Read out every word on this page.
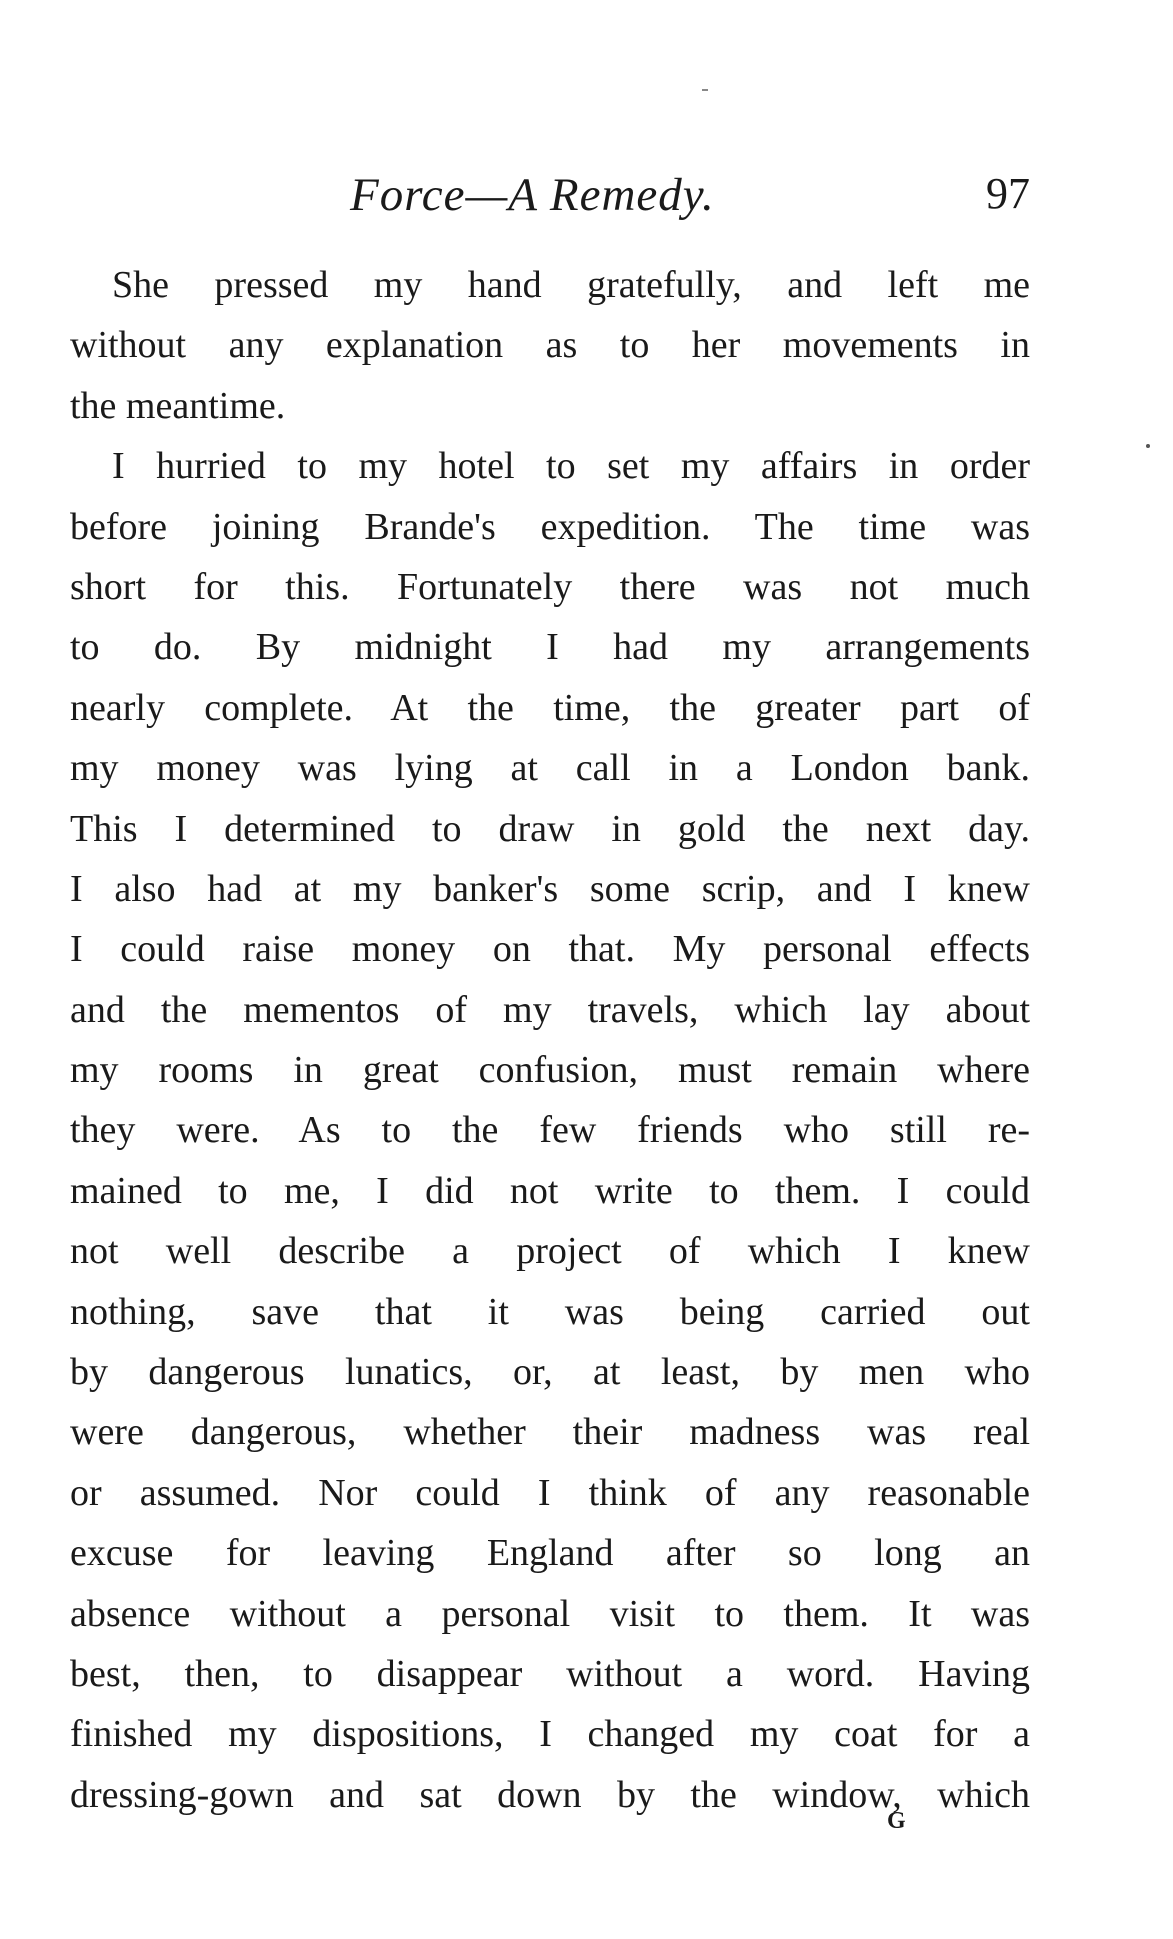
Force—A Remedy.	97
She pressed my hand gratefully, and left me
without any explanation as to her movements in
the meantime.
I hurried to my hotel to set my affairs in order
before joining Brande's expedition. The time was
short for this. Fortunately there was not much
to do. By midnight I had my arrangements
nearly complete. At the time, the greater part of
my money was lying at call in a London bank.
This I determined to draw in gold the next day.
I also had at my banker's some scrip, and I knew
I could raise money on that. My personal effects
and the mementos of my travels, which lay about
my rooms in great confusion, must remain where
they were. As to the few friends who still re-
mained to me, I did not write to them. I could
not well describe a project of which I knew
nothing, save that it was being carried out
by dangerous lunatics, or, at least, by men who
were dangerous, whether their madness was real
or assumed. Nor could I think of any reasonable
excuse for leaving England after so long an
absence without a personal visit to them. It was
best, then, to disappear without a word. Having
finished my dispositions, I changed my coat for a
dressing-gown and sat down by the window, which
G
